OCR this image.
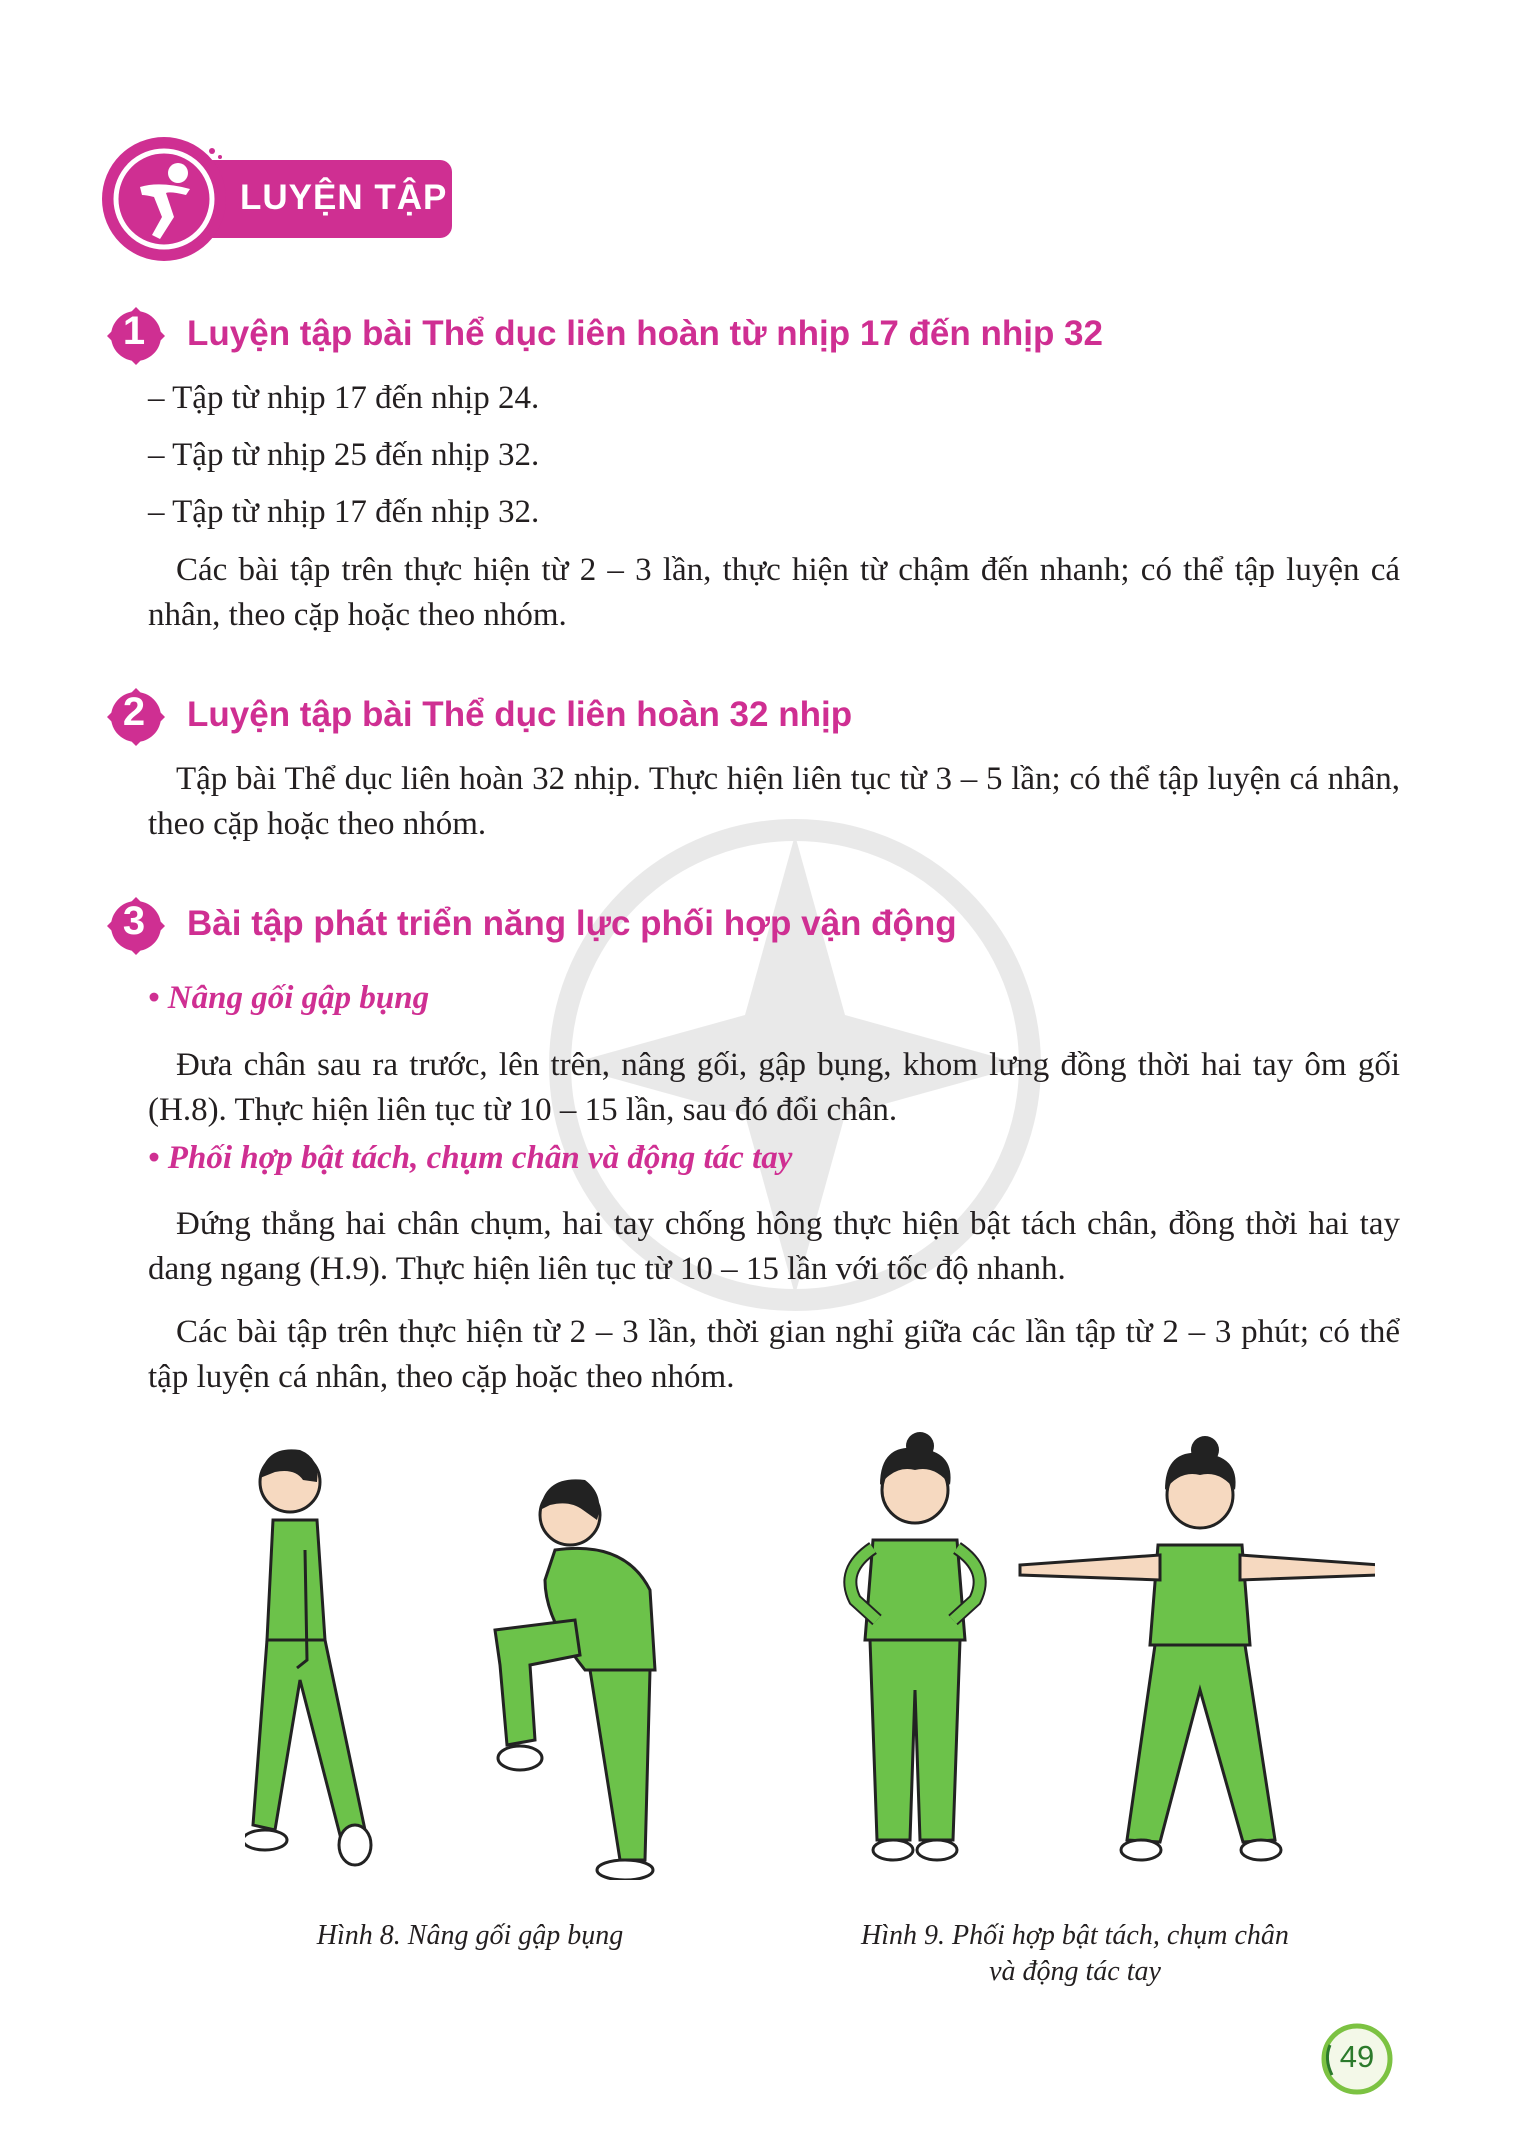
LUYỆN TẬP
1	Luyện tập bài Thể dục liên hoàn từ nhịp 17 đến nhịp 32
– Tập từ nhịp 17 đến nhịp 24.
– Tập từ nhịp 25 đến nhịp 32.
– Tập từ nhịp 17 đến nhịp 32.
Các bài tập trên thực hiện từ 2 – 3 lần, thực hiện từ chậm đến nhanh; có thể tập luyện cá nhân, theo cặp hoặc theo nhóm.
2	Luyện tập bài Thể dục liên hoàn 32 nhịp
Tập bài Thể dục liên hoàn 32 nhịp. Thực hiện liên tục từ 3 – 5 lần; có thể tập luyện cá nhân, theo cặp hoặc theo nhóm.
3	Bài tập phát triển năng lực phối hợp vận động
• Nâng gối gập bụng
Đưa chân sau ra trước, lên trên, nâng gối, gập bụng, khom lưng đồng thời hai tay ôm gối (H.8). Thực hiện liên tục từ 10 – 15 lần, sau đó đổi chân.
• Phối hợp bật tách, chụm chân và động tác tay
Đứng thẳng hai chân chụm, hai tay chống hông thực hiện bật tách chân, đồng thời hai tay dang ngang (H.9). Thực hiện liên tục từ 10 – 15 lần với tốc độ nhanh.
Các bài tập trên thực hiện từ 2 – 3 lần, thời gian nghỉ giữa các lần tập từ 2 – 3 phút; có thể tập luyện cá nhân, theo cặp hoặc theo nhóm.
Hình 8. Nâng gối gập bụng	Hình 9. Phối hợp bật tách, chụm chân
và động tác tay
49
